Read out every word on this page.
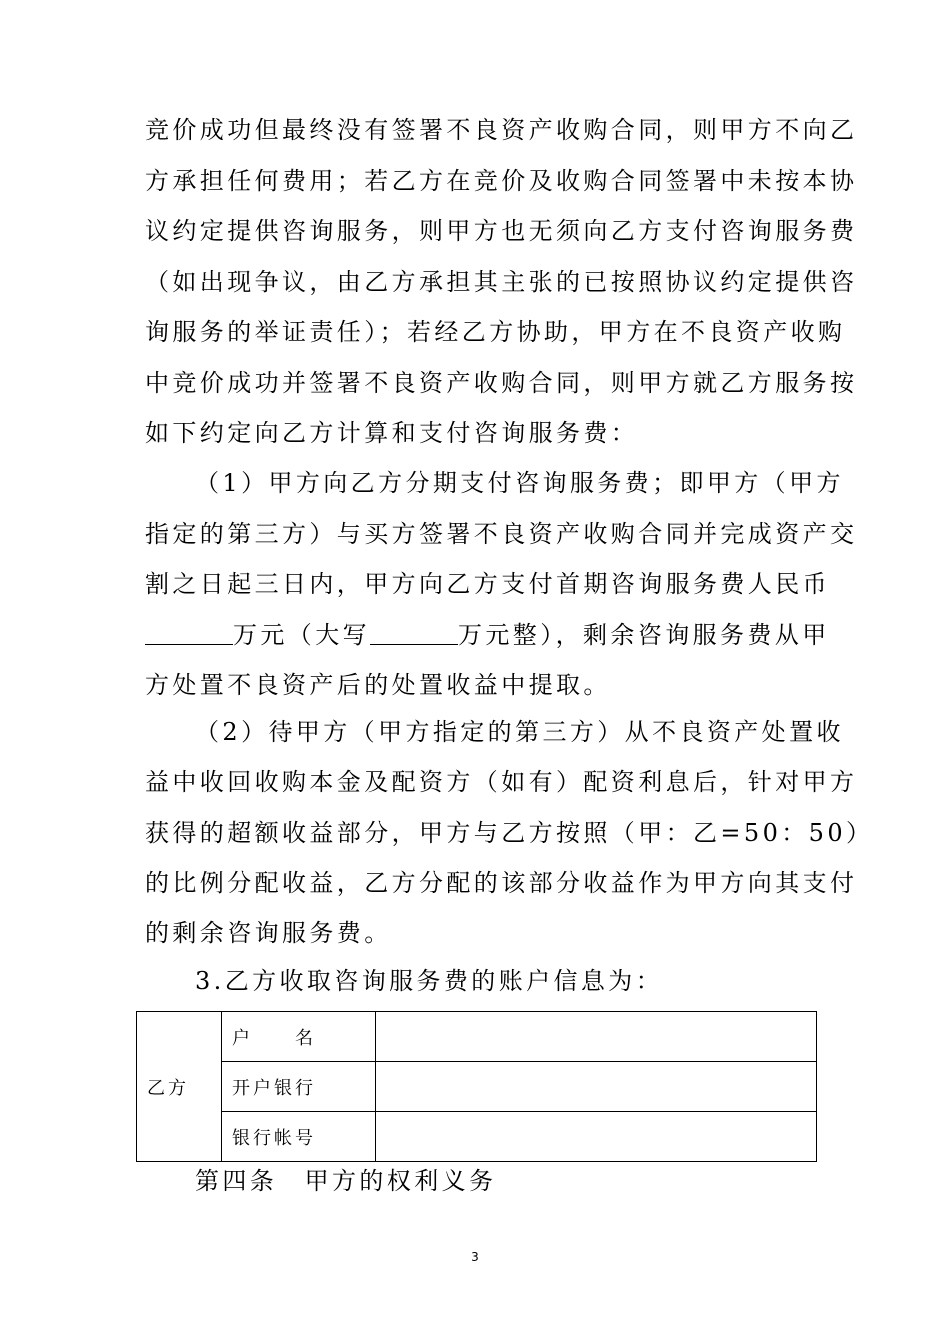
竞价成功但最终没有签署不良资产收购合同，则甲方不向乙
方承担任何费用；若乙方在竞价及收购合同签署中未按本协
议约定提供咨询服务，则甲方也无须向乙方支付咨询服务费
（如出现争议，由乙方承担其主张的已按照协议约定提供咨
询服务的举证责任）；若经乙方协助，甲方在不良资产收购
中竞价成功并签署不良资产收购合同，则甲方就乙方服务按
如下约定向乙方计算和支付咨询服务费：
（1）甲方向乙方分期支付咨询服务费；即甲方（甲方
指定的第三方）与买方签署不良资产收购合同并完成资产交
割之日起三日内，甲方向乙方支付首期咨询服务费人民币
万元（大写	万元整），剩余咨询服务费从甲
方处置不良资产后的处置收益中提取。
（2）待甲方（甲方指定的第三方）从不良资产处置收
益中收回收购本金及配资方（如有）配资利息后，针对甲方
获得的超额收益部分，甲方与乙方按照（甲：乙=50：50）
的比例分配收益，乙方分配的该部分收益作为甲方向其支付
的剩余咨询服务费。
3.乙方收取咨询服务费的账户信息为：
乙方	户　　名	
	开户银行	
	银行帐号	
第四条　甲方的权利义务
3
